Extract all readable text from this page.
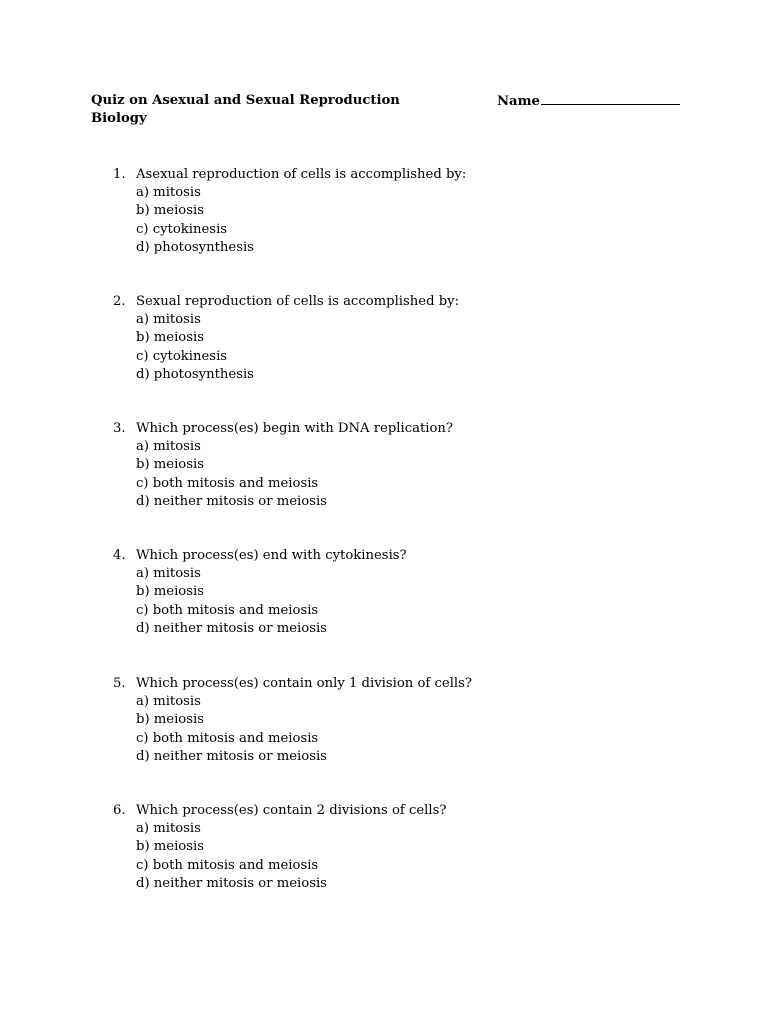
Quiz on Asexual and Sexual Reproduction
Biology
Name
1. Asexual reproduction of cells is accomplished by:
a) mitosis
b) meiosis
c) cytokinesis
d) photosynthesis
2. Sexual reproduction of cells is accomplished by:
a) mitosis
b) meiosis
c) cytokinesis
d) photosynthesis
3. Which process(es) begin with DNA replication?
a) mitosis
b) meiosis
c) both mitosis and meiosis
d) neither mitosis or meiosis
4. Which process(es) end with cytokinesis?
a) mitosis
b) meiosis
c) both mitosis and meiosis
d) neither mitosis or meiosis
5. Which process(es) contain only 1 division of cells?
a) mitosis
b) meiosis
c) both mitosis and meiosis
d) neither mitosis or meiosis
6. Which process(es) contain 2 divisions of cells?
a) mitosis
b) meiosis
c) both mitosis and meiosis
d) neither mitosis or meiosis
